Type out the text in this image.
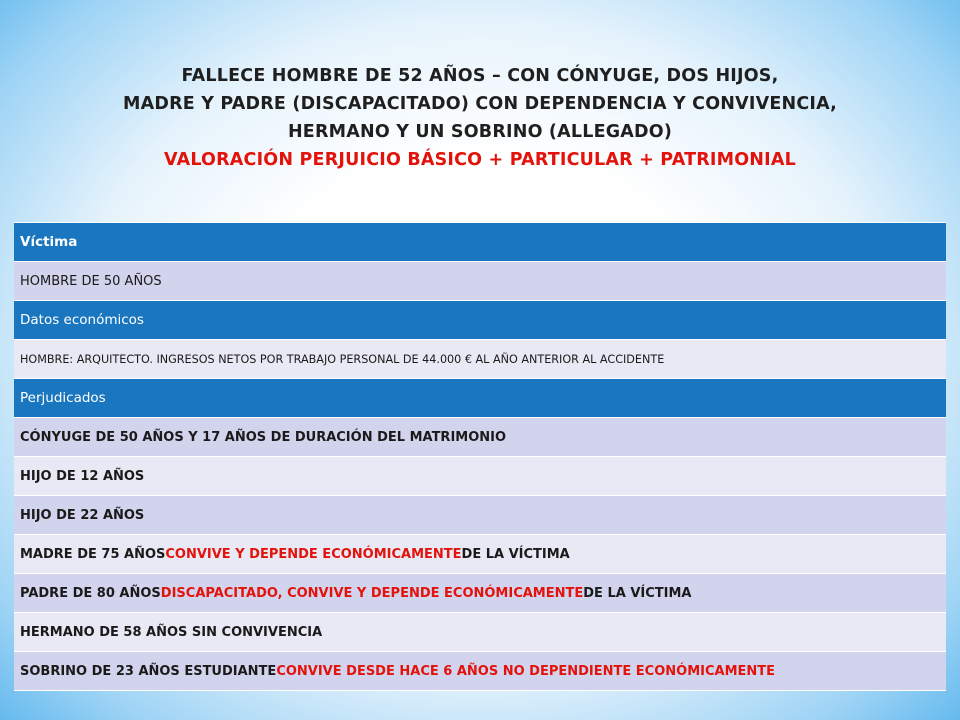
FALLECE HOMBRE DE 52 AÑOS – CON CÓNYUGE, DOS HIJOS,
MADRE Y PADRE (DISCAPACITADO) CON DEPENDENCIA Y CONVIVENCIA,
HERMANO Y UN SOBRINO (ALLEGADO)
VALORACIÓN PERJUICIO BÁSICO + PARTICULAR + PATRIMONIAL
Víctima
HOMBRE DE 50 AÑOS
Datos económicos
HOMBRE: ARQUITECTO. INGRESOS NETOS POR TRABAJO PERSONAL DE 44.000 € AL AÑO ANTERIOR AL ACCIDENTE
Perjudicados
CÓNYUGE DE 50 AÑOS Y 17 AÑOS DE DURACIÓN DEL MATRIMONIO
HIJO DE 12 AÑOS
HIJO DE 22 AÑOS
MADRE DE 75 AÑOS CONVIVE Y DEPENDE ECONÓMICAMENTE DE LA VÍCTIMA
PADRE DE 80 AÑOS DISCAPACITADO, CONVIVE Y DEPENDE ECONÓMICAMENTE DE LA VÍCTIMA
HERMANO DE 58 AÑOS SIN CONVIVENCIA
SOBRINO DE 23 AÑOS ESTUDIANTE CONVIVE DESDE HACE 6 AÑOS NO DEPENDIENTE ECONÓMICAMENTE
